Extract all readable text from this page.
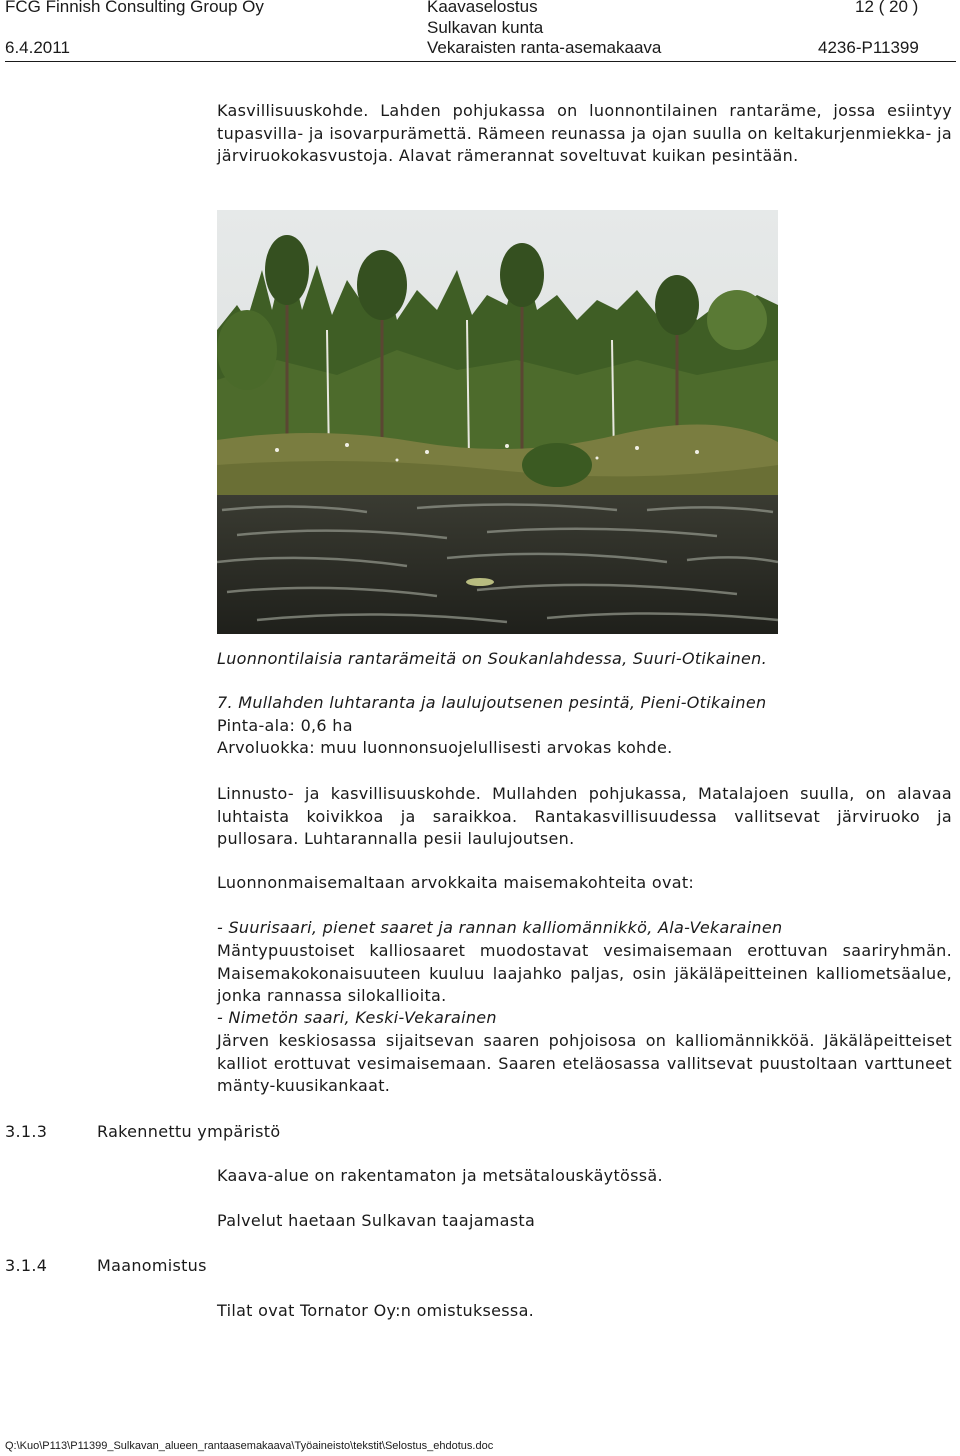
FCG Finnish Consulting Group Oy	Kaavaselostus	12 ( 20 )
Sulkavan kunta
6.4.2011	Vekaraisten ranta-asemakaava	4236-P11399
Kasvillisuuskohde. Lahden pohjukassa on luonnontilainen rantaräme, jossa esiintyy tupasvilla- ja isovarpurämettä. Rämeen reunassa ja ojan suulla on keltakurjenmiekka- ja järviruokokasvustoja. Alavat rämerannat soveltuvat kuikan pesintään.
Luonnontilaisia rantarämeitä on Soukanlahdessa, Suuri-Otikainen.
7. Mullahden luhtaranta ja laulujoutsenen pesintä, Pieni-Otikainen
Pinta-ala: 0,6 ha
Arvoluokka: muu luonnonsuojelullisesti arvokas kohde.
Linnusto- ja kasvillisuuskohde. Mullahden pohjukassa, Matalajoen suulla, on alavaa luhtaista koivikkoa ja saraikkoa. Rantakasvillisuudessa vallitsevat järviruoko ja pullosara. Luhtarannalla pesii laulujoutsen.
Luonnonmaisemaltaan arvokkaita maisemakohteita ovat:
- Suurisaari, pienet saaret ja rannan kalliomännikkö, Ala-Vekarainen
Mäntypuustoiset kalliosaaret muodostavat vesimaisemaan erottuvan saariryhmän. Maisemakokonaisuuteen kuuluu laajahko paljas, osin jäkäläpeitteinen kalliometsäalue, jonka rannassa silokallioita.
- Nimetön saari, Keski-Vekarainen
Järven keskiosassa sijaitsevan saaren pohjoisosa on kalliomännikköä. Jäkäläpeitteiset kalliot erottuvat vesimaisemaan. Saaren eteläosassa vallitsevat puustoltaan varttuneet mänty-kuusikankaat.
3.1.3	Rakennettu ympäristö
Kaava-alue on rakentamaton ja metsätalouskäytössä.
Palvelut haetaan Sulkavan taajamasta
3.1.4	Maanomistus
Tilat ovat Tornator Oy:n omistuksessa.
Q:\Kuo\P113\P11399_Sulkavan_alueen_rantaasemakaava\Työaineisto\tekstit\Selostus_ehdotus.doc
